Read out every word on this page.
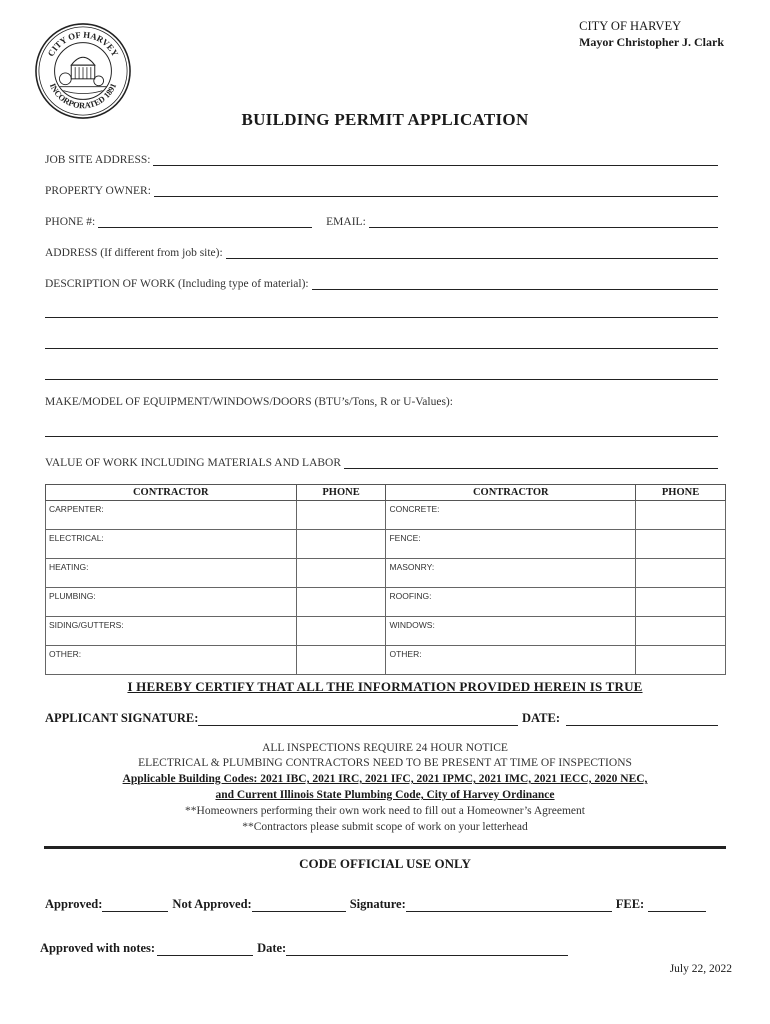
CITY OF HARVEY
INCORPORATED 1891
CITY OF HARVEY
Mayor Christopher J. Clark
BUILDING PERMIT APPLICATION
JOB SITE ADDRESS:
PROPERTY OWNER:
PHONE #:	EMAIL:
ADDRESS (If different from job site):
DESCRIPTION OF WORK (Including type of material):
MAKE/MODEL OF EQUIPMENT/WINDOWS/DOORS (BTU’s/Tons, R or U-Values):
VALUE OF WORK INCLUDING MATERIALS AND LABOR
CONTRACTOR	PHONE	CONTRACTOR	PHONE
CARPENTER:		CONCRETE:	
ELECTRICAL:		FENCE:	
HEATING:		MASONRY:	
PLUMBING:		ROOFING:	
SIDING/GUTTERS:		WINDOWS:	
OTHER:		OTHER:	
I HEREBY CERTIFY THAT ALL THE INFORMATION PROVIDED HEREIN IS TRUE
APPLICANT SIGNATURE:	DATE:
ALL INSPECTIONS REQUIRE 24 HOUR NOTICE
ELECTRICAL & PLUMBING CONTRACTORS NEED TO BE PRESENT AT TIME OF INSPECTIONS
Applicable Building Codes: 2021 IBC, 2021 IRC, 2021 IFC, 2021 IPMC, 2021 IMC, 2021 IECC, 2020 NEC,
and Current Illinois State Plumbing Code, City of Harvey Ordinance
**Homeowners performing their own work need to fill out a Homeowner’s Agreement
**Contractors please submit scope of work on your letterhead
CODE OFFICIAL USE ONLY
Approved:	Not Approved:	Signature:	FEE:
Approved with notes:	Date:
July 22, 2022
